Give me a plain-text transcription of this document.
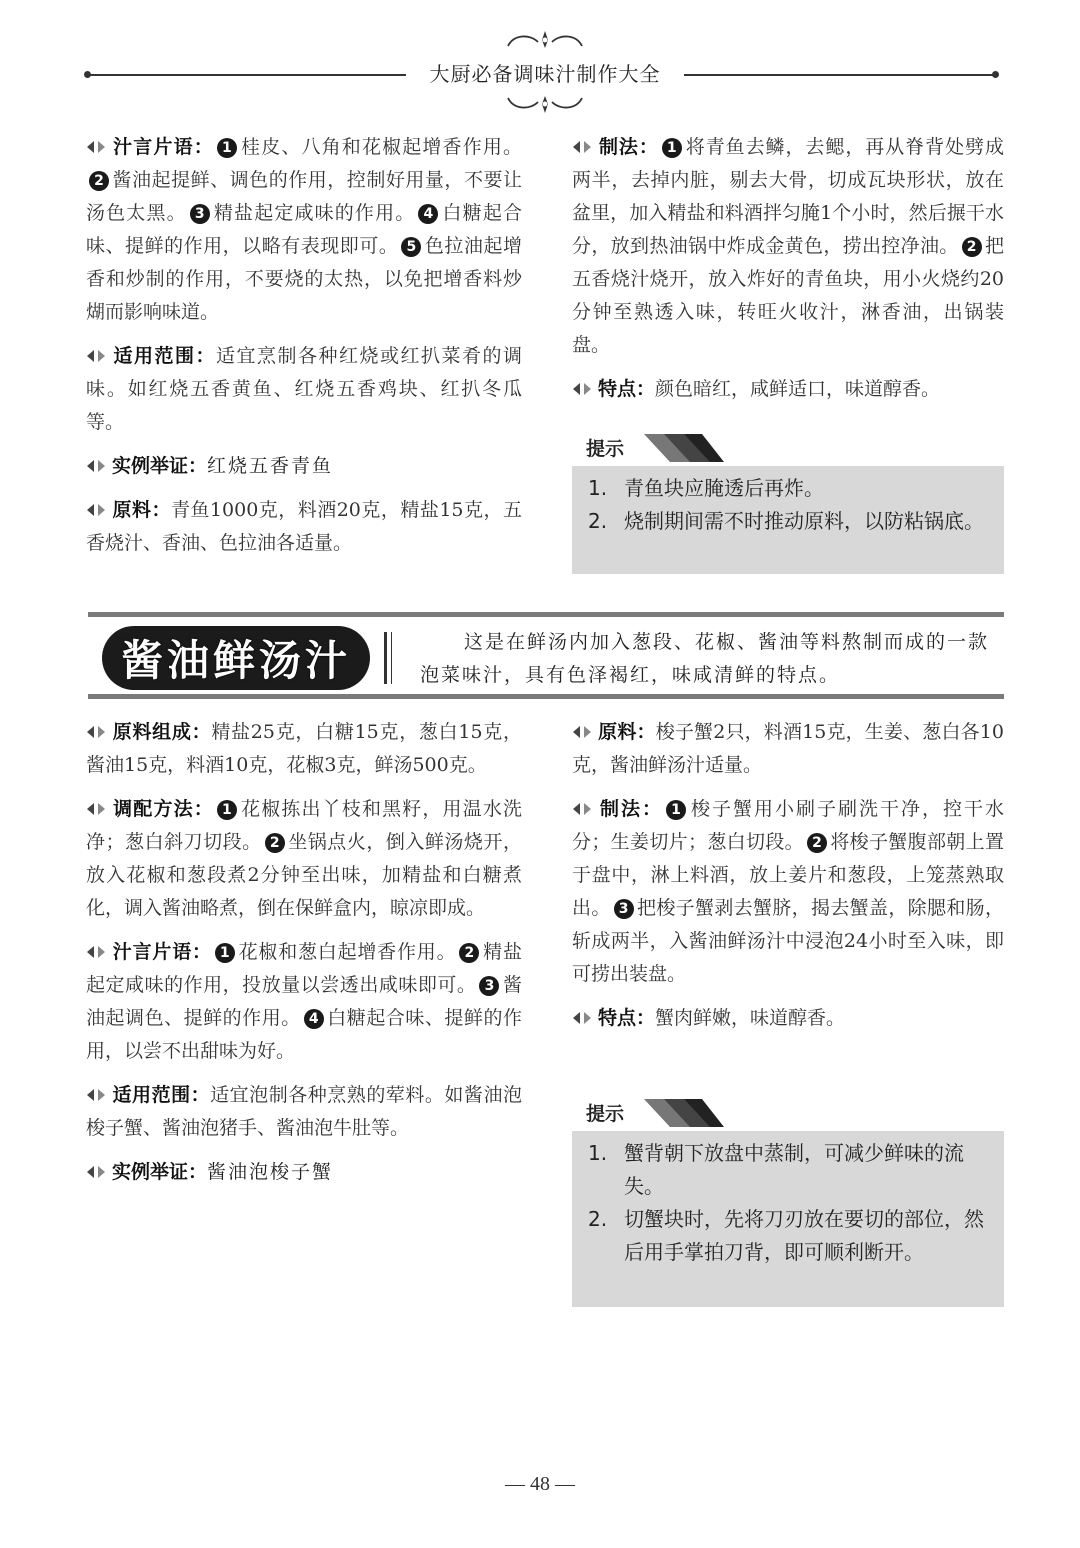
大厨必备调味汁制作大全

汁言片语： 1 桂皮、八角和花椒起增香作用。2 酱油起提鲜、调色的作用，控制好用量，不要让汤色太黑。 3 精盐起定咸味的作用。 4 白糖起合味、提鲜的作用，以略有表现即可。 5 色拉油起增香和炒制的作用，不要烧的太热，以免把增香料炒煳而影响味道。

适用范围：适宜烹制各种红烧或红扒菜肴的调味。如红烧五香黄鱼、红烧五香鸡块、红扒冬瓜等。

实例举证：红烧五香青鱼

原料：青鱼1000克，料酒20克，精盐15克，五香烧汁、香油、色拉油各适量。

制法： 1 将青鱼去鳞，去鳃，再从脊背处劈成两半，去掉内脏，剔去大骨，切成瓦块形状，放在盆里，加入精盐和料酒拌匀腌1个小时，然后搌干水分，放到热油锅中炸成金黄色，捞出控净油。 2 把五香烧汁烧开，放入炸好的青鱼块，用小火烧约20分钟至熟透入味，转旺火收汁，淋香油，出锅装盘。

特点：颜色暗红，咸鲜适口，味道醇香。

提示
1. 青鱼块应腌透后再炸。
2. 烧制期间需不时推动原料，以防粘锅底。
酱油鲜汤汁	这是在鲜汤内加入葱段、花椒、酱油等料熬制而成的一款泡菜味汁，具有色泽褐红，味咸清鲜的特点。

原料组成：精盐25克，白糖15克，葱白15克，酱油15克，料酒10克，花椒3克，鲜汤500克。

调配方法： 1 花椒拣出丫枝和黑籽，用温水洗净；葱白斜刀切段。 2 坐锅点火，倒入鲜汤烧开，放入花椒和葱段煮2分钟至出味，加精盐和白糖煮化，调入酱油略煮，倒在保鲜盒内，晾凉即成。

汁言片语： 1 花椒和葱白起增香作用。 2 精盐起定咸味的作用，投放量以尝透出咸味即可。 3 酱油起调色、提鲜的作用。 4 白糖起合味、提鲜的作用，以尝不出甜味为好。

适用范围：适宜泡制各种烹熟的荤料。如酱油泡梭子蟹、酱油泡猪手、酱油泡牛肚等。

实例举证：酱油泡梭子蟹

原料：梭子蟹2只，料酒15克，生姜、葱白各10克，酱油鲜汤汁适量。

制法： 1 梭子蟹用小刷子刷洗干净，控干水分；生姜切片；葱白切段。 2 将梭子蟹腹部朝上置于盘中，淋上料酒，放上姜片和葱段，上笼蒸熟取出。 3 把梭子蟹剥去蟹脐，揭去蟹盖，除腮和肠，斩成两半，入酱油鲜汤汁中浸泡24小时至入味，即可捞出装盘。

特点：蟹肉鲜嫩，味道醇香。

提示
1. 蟹背朝下放盘中蒸制，可减少鲜味的流失。
2. 切蟹块时，先将刀刃放在要切的部位，然后用手掌拍刀背，即可顺利断开。
— 48 —
